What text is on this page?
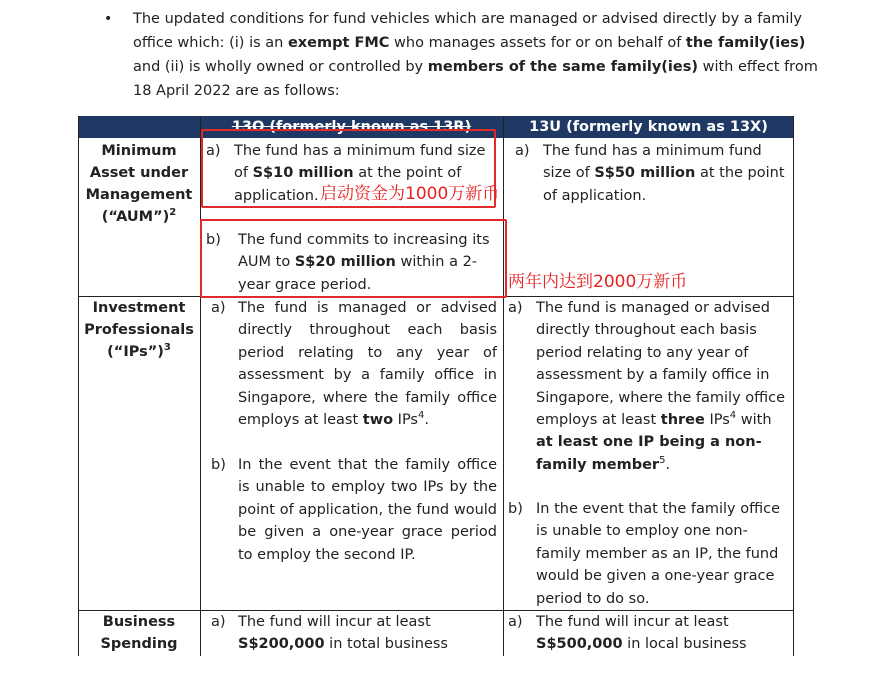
• The updated conditions for fund vehicles which are managed or advised directly by a family office which: (i) is an exempt FMC who manages assets for or on behalf of the family(ies) and (ii) is wholly owned or controlled by members of the same family(ies) with effect from 18 April 2022 are as follows:
13O (formerly known as 13R)	13U (formerly known as 13X)
Minimum
Asset under
Management
(“AUM”)$^2$
a) The fund has a minimum fund size of S$10 million at the point of application.
b) The fund commits to increasing its AUM to S$20 million within a 2-year grace period.
a) The fund has a minimum fund size of S$50 million at the point of application.
Investment
Professionals
(“IPs”)$^3$
a) The fund is managed or advised directly throughout each basis period relating to any year of assessment by a family office in Singapore, where the family office employs at least two IPs$^4$.
b) In the event that the family office is unable to employ two IPs by the point of application, the fund would be given a one-year grace period to employ the second IP.
a) The fund is managed or advised directly throughout each basis period relating to any year of assessment by a family office in Singapore, where the family office employs at least three IPs$^4$ with at least one IP being a non-family member$^5$.
b) In the event that the family office is unable to employ one non-family member as an IP, the fund would be given a one-year grace period to do so.
Business
Spending
a) The fund will incur at least S$200,000 in total business
a) The fund will incur at least S$500,000 in local business
启动资金为1000万新币
两年内达到2000万新币
